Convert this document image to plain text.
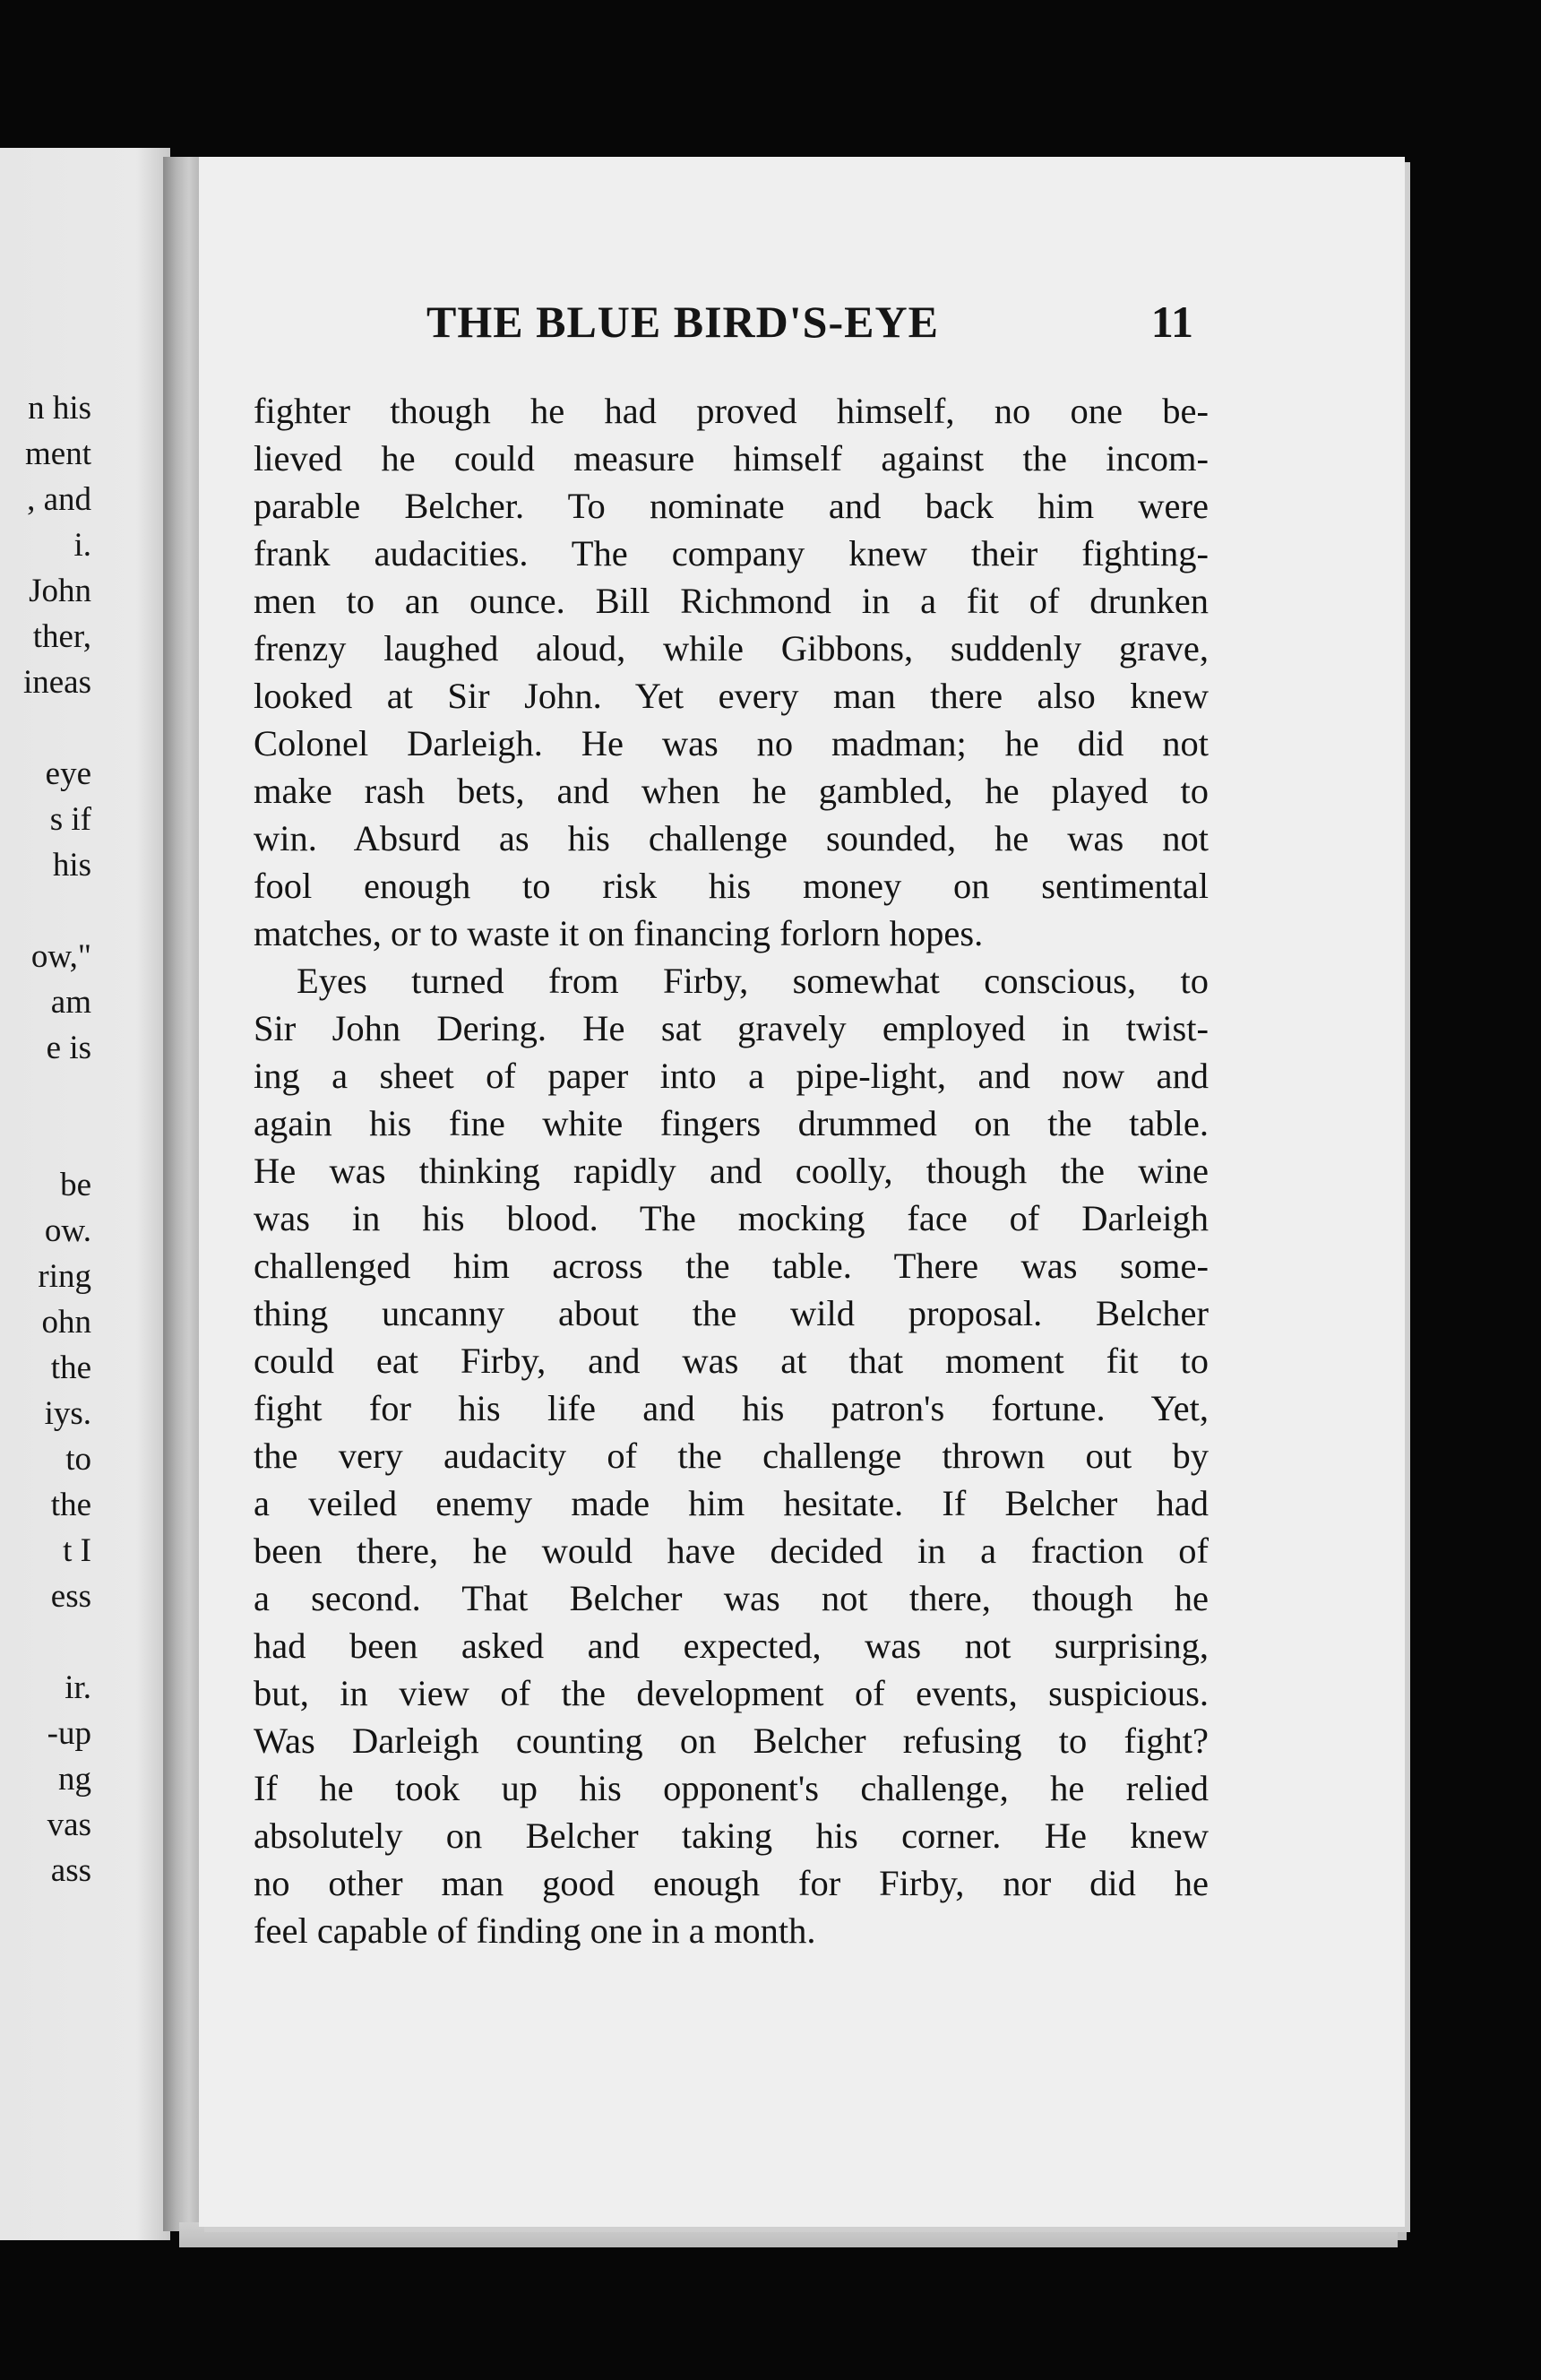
n his
ment
, and
i.
John
ther,
ineas
eye
s if
his
ow,"
am
e is
be
ow.
ring
ohn
the
iys.
to
the
t I
ess
ir.
-up
ng
vas
ass
THE BLUE BIRD'S-EYE	11
fighter though he had proved himself, no one be-
lieved he could measure himself against the incom-
parable Belcher. To nominate and back him were
frank audacities. The company knew their fighting-
men to an ounce. Bill Richmond in a fit of drunken
frenzy laughed aloud, while Gibbons, suddenly grave,
looked at Sir John. Yet every man there also knew
Colonel Darleigh. He was no madman; he did not
make rash bets, and when he gambled, he played to
win. Absurd as his challenge sounded, he was not
fool enough to risk his money on sentimental
matches, or to waste it on financing forlorn hopes.
Eyes turned from Firby, somewhat conscious, to
Sir John Dering. He sat gravely employed in twist-
ing a sheet of paper into a pipe-light, and now and
again his fine white fingers drummed on the table.
He was thinking rapidly and coolly, though the wine
was in his blood. The mocking face of Darleigh
challenged him across the table. There was some-
thing uncanny about the wild proposal. Belcher
could eat Firby, and was at that moment fit to
fight for his life and his patron's fortune. Yet,
the very audacity of the challenge thrown out by
a veiled enemy made him hesitate. If Belcher had
been there, he would have decided in a fraction of
a second. That Belcher was not there, though he
had been asked and expected, was not surprising,
but, in view of the development of events, suspicious.
Was Darleigh counting on Belcher refusing to fight?
If he took up his opponent's challenge, he relied
absolutely on Belcher taking his corner. He knew
no other man good enough for Firby, nor did he
feel capable of finding one in a month.
